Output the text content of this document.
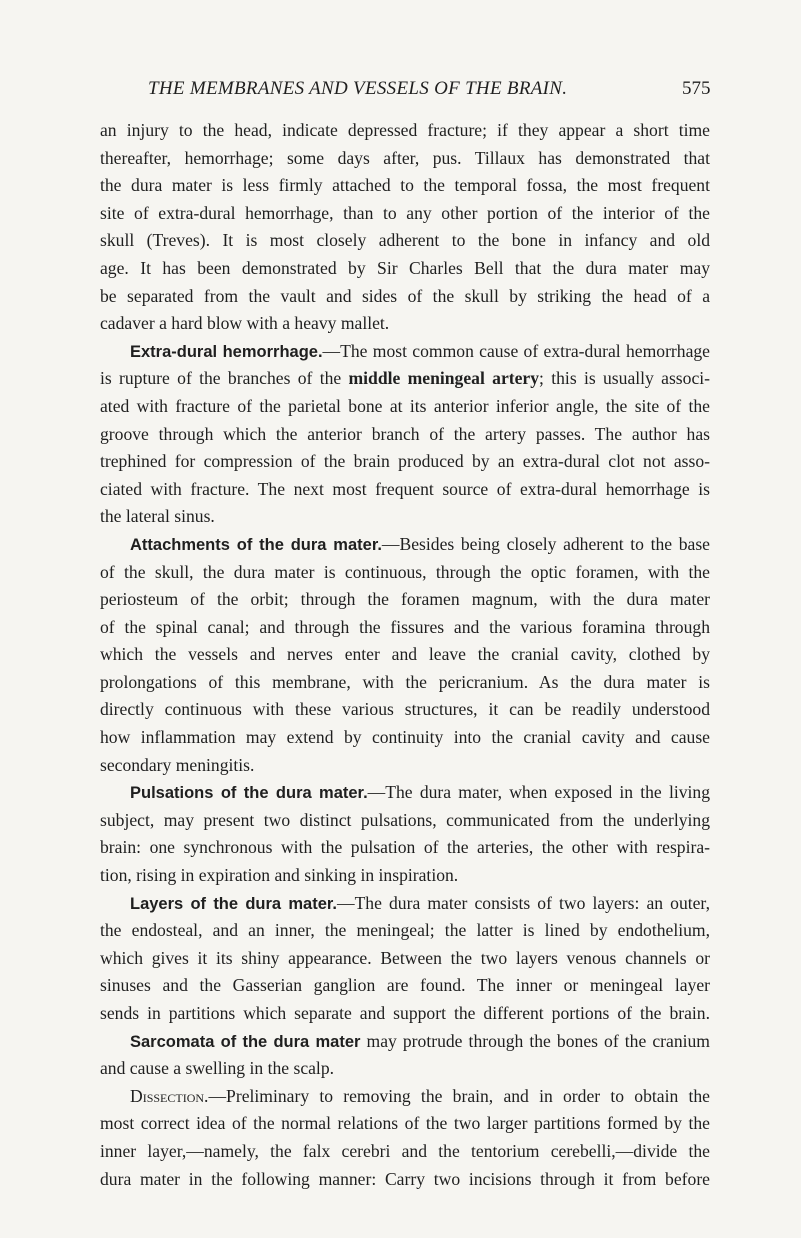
THE MEMBRANES AND VESSELS OF THE BRAIN.	575
an injury to the head, indicate depressed fracture; if they appear a short time
thereafter, hemorrhage; some days after, pus. Tillaux has demonstrated that
the dura mater is less firmly attached to the temporal fossa, the most frequent
site of extra-dural hemorrhage, than to any other portion of the interior of the
skull (Treves). It is most closely adherent to the bone in infancy and old
age. It has been demonstrated by Sir Charles Bell that the dura mater may
be separated from the vault and sides of the skull by striking the head of a
cadaver a hard blow with a heavy mallet.
Extra-dural hemorrhage.—The most common cause of extra-dural hemorrhage
is rupture of the branches of the middle meningeal artery; this is usually associ-
ated with fracture of the parietal bone at its anterior inferior angle, the site of the
groove through which the anterior branch of the artery passes. The author has
trephined for compression of the brain produced by an extra-dural clot not asso-
ciated with fracture. The next most frequent source of extra-dural hemorrhage is
the lateral sinus.
Attachments of the dura mater.—Besides being closely adherent to the base
of the skull, the dura mater is continuous, through the optic foramen, with the
periosteum of the orbit; through the foramen magnum, with the dura mater
of the spinal canal; and through the fissures and the various foramina through
which the vessels and nerves enter and leave the cranial cavity, clothed by
prolongations of this membrane, with the pericranium. As the dura mater is
directly continuous with these various structures, it can be readily understood
how inflammation may extend by continuity into the cranial cavity and cause
secondary meningitis.
Pulsations of the dura mater.—The dura mater, when exposed in the living
subject, may present two distinct pulsations, communicated from the underlying
brain: one synchronous with the pulsation of the arteries, the other with respira-
tion, rising in expiration and sinking in inspiration.
Layers of the dura mater.—The dura mater consists of two layers: an outer,
the endosteal, and an inner, the meningeal; the latter is lined by endothelium,
which gives it its shiny appearance. Between the two layers venous channels or
sinuses and the Gasserian ganglion are found. The inner or meningeal layer
sends in partitions which separate and support the different portions of the brain.
Sarcomata of the dura mater may protrude through the bones of the cranium
and cause a swelling in the scalp.
Dissection.—Preliminary to removing the brain, and in order to obtain the
most correct idea of the normal relations of the two larger partitions formed by the
inner layer,—namely, the falx cerebri and the tentorium cerebelli,—divide the
dura mater in the following manner: Carry two incisions through it from before
